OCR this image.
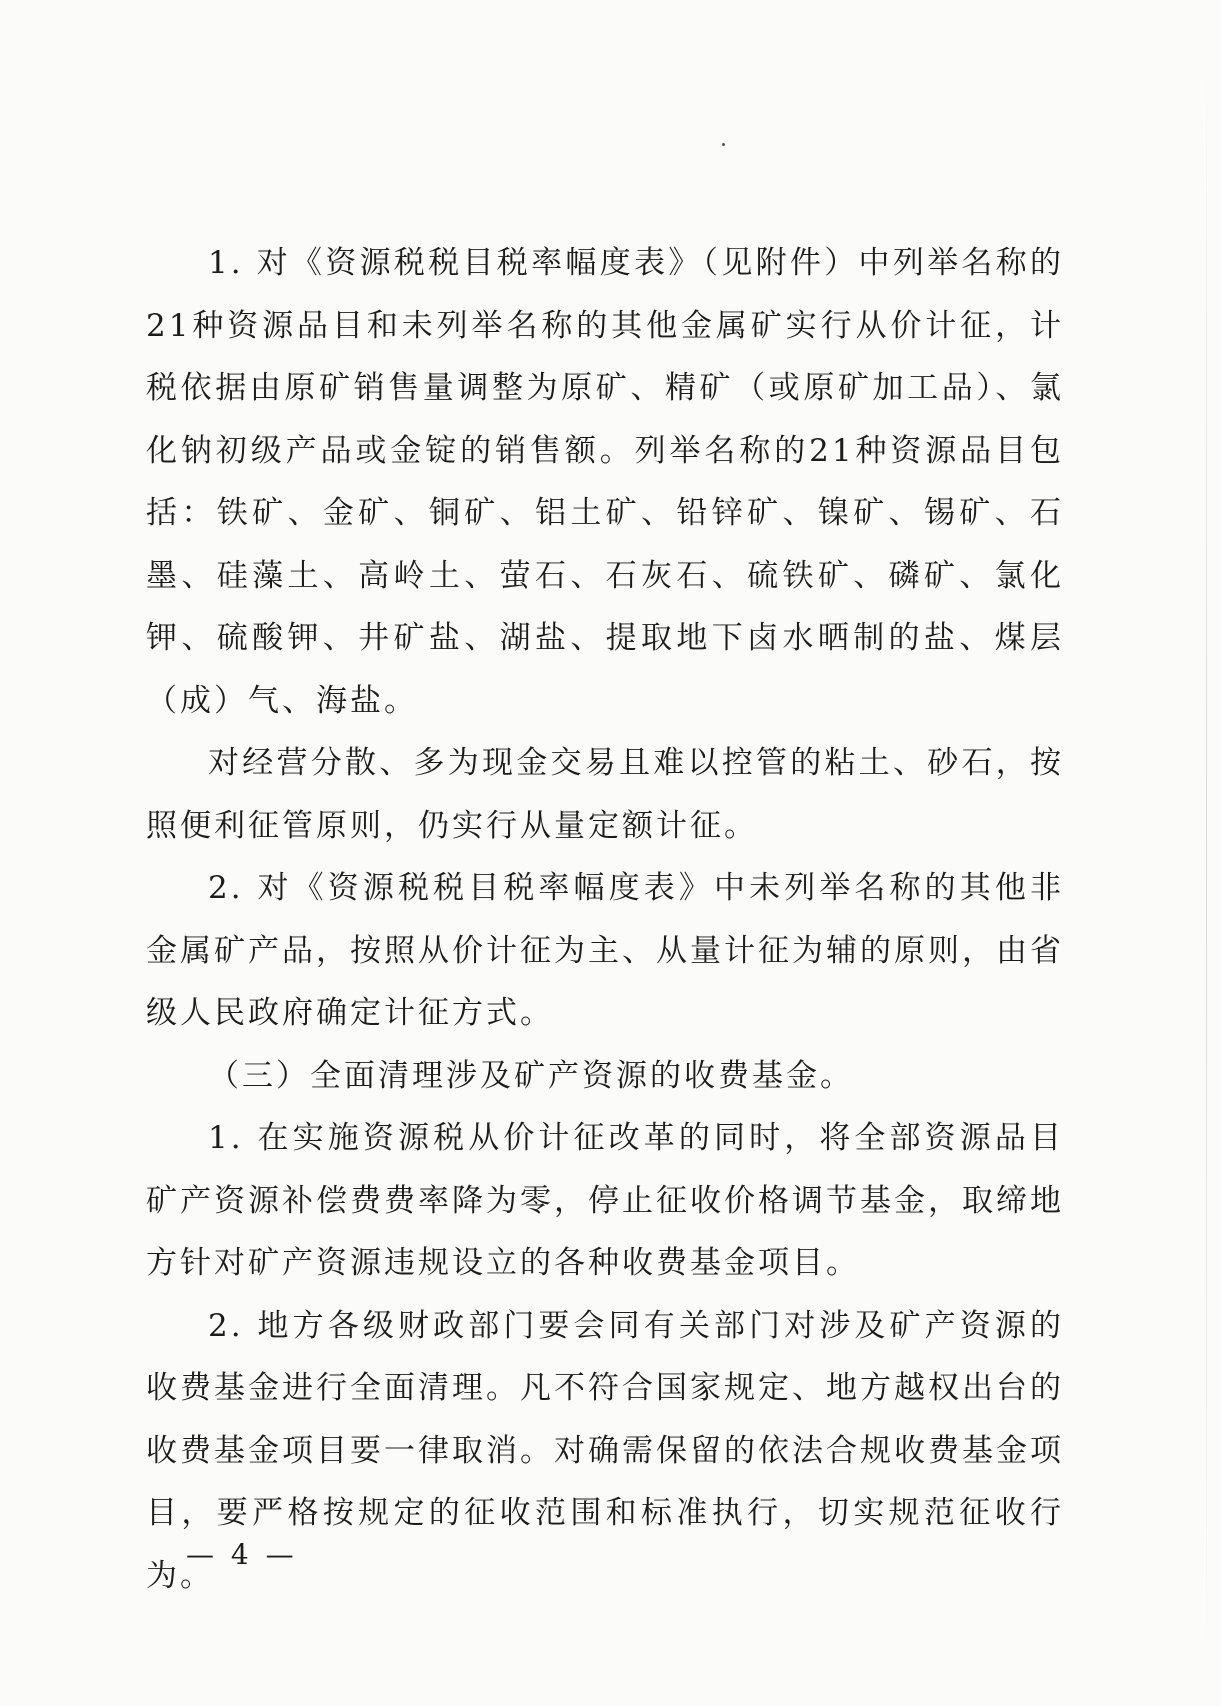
1. 对《资源税税目税率幅度表》（见附件）中列举名称的21种资源品目和未列举名称的其他金属矿实行从价计征，计税依据由原矿销售量调整为原矿、精矿（或原矿加工品）、氯化钠初级产品或金锭的销售额。列举名称的21种资源品目包括：铁矿、金矿、铜矿、铝土矿、铅锌矿、镍矿、锡矿、石墨、硅藻土、高岭土、萤石、石灰石、硫铁矿、磷矿、氯化钾、硫酸钾、井矿盐、湖盐、提取地下卤水晒制的盐、煤层（成）气、海盐。

对经营分散、多为现金交易且难以控管的粘土、砂石，按照便利征管原则，仍实行从量定额计征。

2. 对《资源税税目税率幅度表》中未列举名称的其他非金属矿产品，按照从价计征为主、从量计征为辅的原则，由省级人民政府确定计征方式。

（三）全面清理涉及矿产资源的收费基金。

1. 在实施资源税从价计征改革的同时，将全部资源品目矿产资源补偿费费率降为零，停止征收价格调节基金，取缔地方针对矿产资源违规设立的各种收费基金项目。

2. 地方各级财政部门要会同有关部门对涉及矿产资源的收费基金进行全面清理。凡不符合国家规定、地方越权出台的收费基金项目要一律取消。对确需保留的依法合规收费基金项目，要严格按规定的征收范围和标准执行，切实规范征收行为。

— 4 —
